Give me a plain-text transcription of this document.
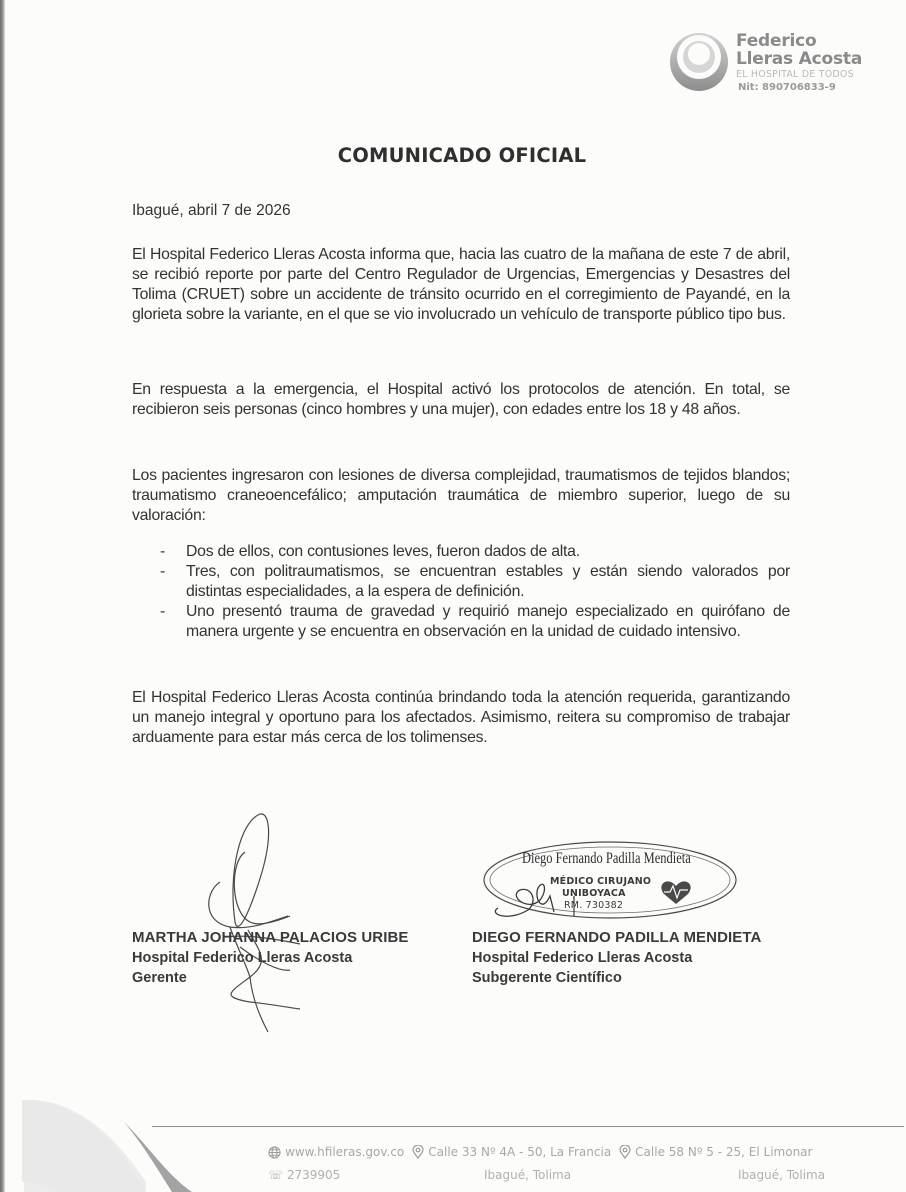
Federico
Lleras Acosta
EL HOSPITAL DE TODOS
Nit: 890706833-9
COMUNICADO OFICIAL
Ibagué, abril 7 de 2026

El Hospital Federico Lleras Acosta informa que, hacia las cuatro de la mañana de este 7 de abril, se recibió reporte por parte del Centro Regulador de Urgencias, Emergencias y Desastres del Tolima (CRUET) sobre un accidente de tránsito ocurrido en el corregimiento de Payandé, en la glorieta sobre la variante, en el que se vio involucrado un vehículo de transporte público tipo bus.

En respuesta a la emergencia, el Hospital activó los protocolos de atención. En total, se recibieron seis personas (cinco hombres y una mujer), con edades entre los 18 y 48 años.

Los pacientes ingresaron con lesiones de diversa complejidad, traumatismos de tejidos blandos; traumatismo craneoencefálico; amputación traumática de miembro superior, luego de su valoración:

- Dos de ellos, con contusiones leves, fueron dados de alta.
- Tres, con politraumatismos, se encuentran estables y están siendo valorados por distintas especialidades, a la espera de definición.
- Uno presentó trauma de gravedad y requirió manejo especializado en quirófano de manera urgente y se encuentra en observación en la unidad de cuidado intensivo.

El Hospital Federico Lleras Acosta continúa brindando toda la atención requerida, garantizando un manejo integral y oportuno para los afectados. Asimismo, reitera su compromiso de trabajar arduamente para estar más cerca de los tolimenses.

Diego Fernando Padilla Mendieta
MÉDICO CIRUJANO
UNIBOYACA
RM. 730382
MARTHA JOHANNA PALACIOS URIBE
Hospital Federico Lleras Acosta
Gerente
DIEGO FERNANDO PADILLA MENDIETA
Hospital Federico Lleras Acosta
Subgerente Científico
www.hfileras.gov.co Calle 33 Nº 4A - 50, La Francia Calle 58 Nº 5 - 25, El Limonar
☏ 2739905	Ibagué, Tolima	Ibagué, Tolima
